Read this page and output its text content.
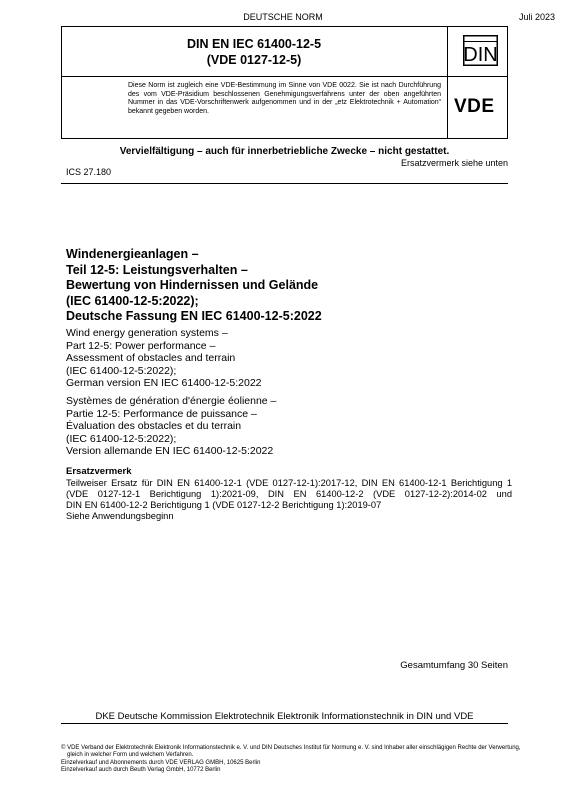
DEUTSCHE NORM	Juli 2023
DIN EN IEC 61400-12-5
(VDE 0127-12-5)	DIN
Diese Norm ist zugleich eine VDE-Bestimmung im Sinne von VDE 0022. Sie ist nach Durchführung des vom VDE-Präsidium beschlossenen Genehmigungsverfahrens unter der oben angeführten Nummer in das VDE-Vorschriftenwerk aufgenommen und in der „etz Elektrotechnik + Automation“ bekannt gegeben worden.	VDE
Vervielfältigung – auch für innerbetriebliche Zwecke – nicht gestattet.
Ersatzvermerk siehe unten
ICS 27.180
Windenergieanlagen –
Teil 12-5: Leistungsverhalten –
Bewertung von Hindernissen und Gelände
(IEC 61400-12-5:2022);
Deutsche Fassung EN IEC 61400-12-5:2022
Wind energy generation systems –
Part 12-5: Power performance –
Assessment of obstacles and terrain
(IEC 61400-12-5:2022);
German version EN IEC 61400-12-5:2022
Systèmes de génération d'énergie éolienne –
Partie 12-5: Performance de puissance –
Évaluation des obstacles et du terrain
(IEC 61400-12-5:2022);
Version allemande EN IEC 61400-12-5:2022
Ersatzvermerk
Teilweiser Ersatz für DIN EN 61400-12-1 (VDE 0127-12-1):2017-12, DIN EN 61400-12-1 Berichtigung 1
(VDE 0127-12-1 Berichtigung 1):2021-09, DIN EN 61400-12-2 (VDE 0127-12-2):2014-02 und
DIN EN 61400-12-2 Berichtigung 1 (VDE 0127-12-2 Berichtigung 1):2019-07
Siehe Anwendungsbeginn
Gesamtumfang 30 Seiten
DKE Deutsche Kommission Elektrotechnik Elektronik Informationstechnik in DIN und VDE
© VDE Verband der Elektrotechnik Elektronik Informationstechnik e. V. und DIN Deutsches Institut für Normung e. V. sind Inhaber aller einschlägigen Rechte der Verwertung,
gleich in welcher Form und welchem Verfahren.
Einzelverkauf und Abonnements durch VDE VERLAG GMBH, 10625 Berlin
Einzelverkauf auch durch Beuth Verlag GmbH, 10772 Berlin
